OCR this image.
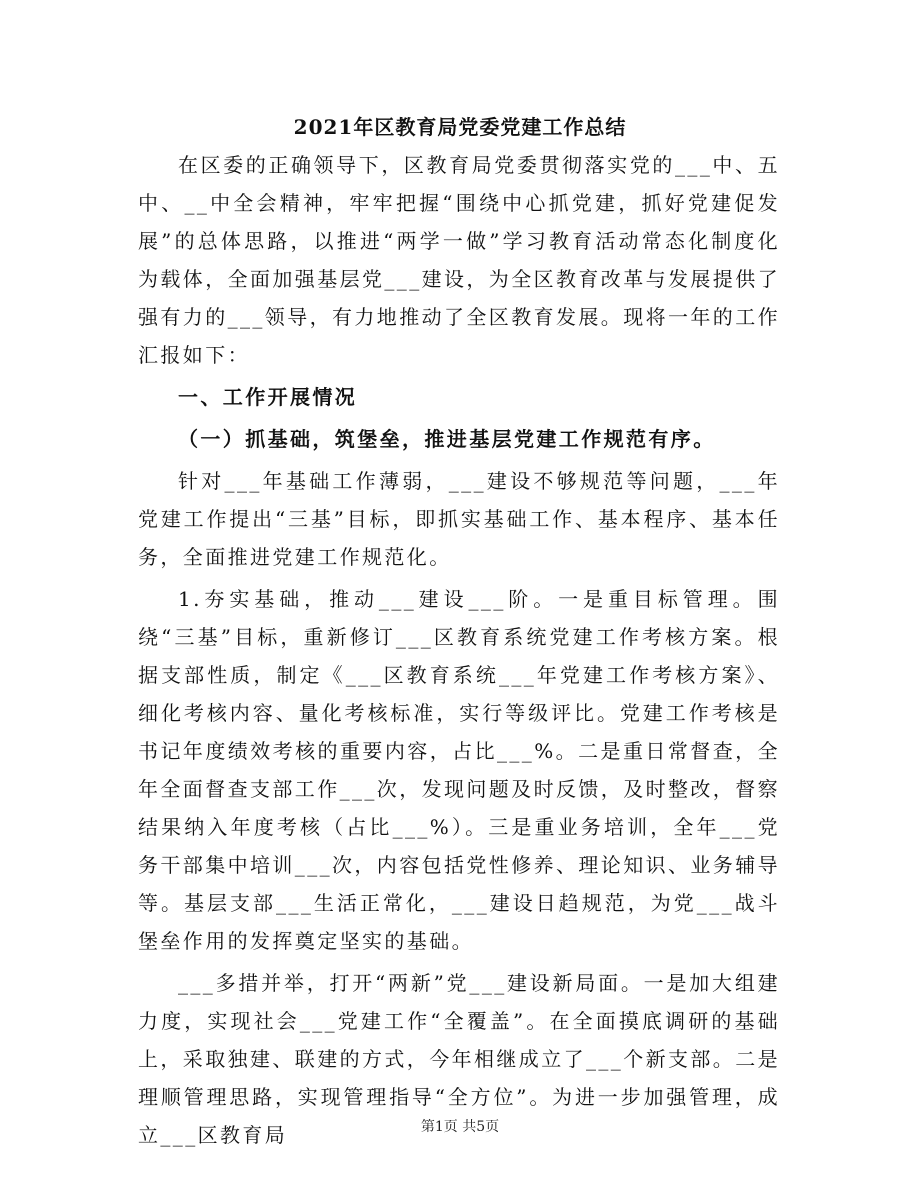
2021年区教育局党委党建工作总结

在区委的正确领导下，区教育局党委贯彻落实党的___中、五中、__中全会精神，牢牢把握“围绕中心抓党建，抓好党建促发展”的总体思路，以推进“两学一做”学习教育活动常态化制度化为载体，全面加强基层党___建设，为全区教育改革与发展提供了强有力的___领导，有力地推动了全区教育发展。现将一年的工作汇报如下：

一、工作开展情况

（一）抓基础，筑堡垒，推进基层党建工作规范有序。

针对___年基础工作薄弱，___建设不够规范等问题，___年党建工作提出“三基”目标，即抓实基础工作、基本程序、基本任务，全面推进党建工作规范化。

1.夯实基础，推动___建设___阶。一是重目标管理。围绕“三基”目标，重新修订___区教育系统党建工作考核方案。根据支部性质，制定《___区教育系统___年党建工作考核方案》、细化考核内容、量化考核标准，实行等级评比。党建工作考核是书记年度绩效考核的重要内容，占比___%。二是重日常督查，全年全面督查支部工作___次，发现问题及时反馈，及时整改，督察结果纳入年度考核（占比___%）。三是重业务培训，全年___党务干部集中培训___次，内容包括党性修养、理论知识、业务辅导等。基层支部___生活正常化，___建设日趋规范，为党___战斗堡垒作用的发挥奠定坚实的基础。

___多措并举，打开“两新”党___建设新局面。一是加大组建力度，实现社会___党建工作“全覆盖”。在全面摸底调研的基础上，采取独建、联建的方式，今年相继成立了___个新支部。二是理顺管理思路，实现管理指导“全方位”。为进一步加强管理，成立___区教育局	第1页 共5页
